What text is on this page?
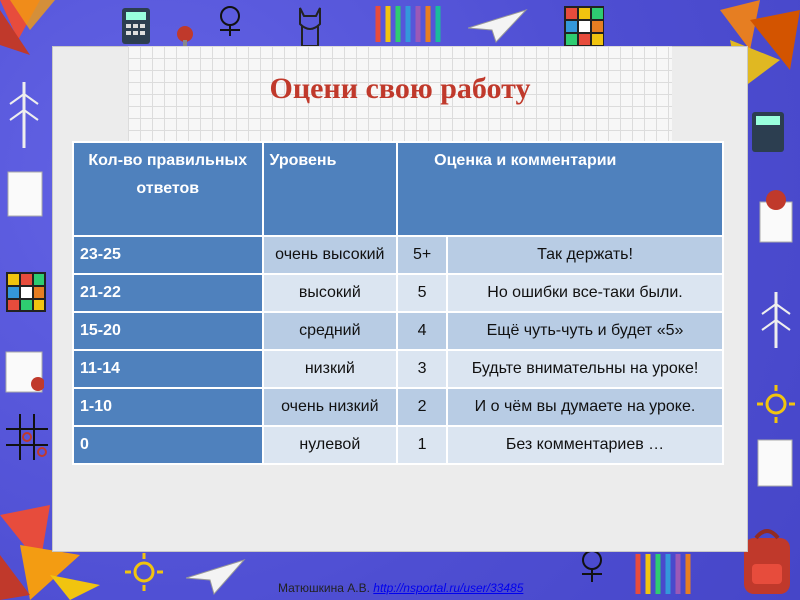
Оцени свою работу
Кол-во правильных ответов	Уровень	Оценка и комментарии	
23-25	очень высокий	5+	Так держать!
21-22	высокий	5	Но ошибки все-таки были.
15-20	средний	4	Ещё чуть-чуть и будет «5»
11-14	низкий	3	Будьте внимательны на уроке!
1-10	очень низкий	2	И о чём вы думаете на уроке.
0	нулевой	1	Без комментариев …
Матюшкина А.В. http://nsportal.ru/user/33485
